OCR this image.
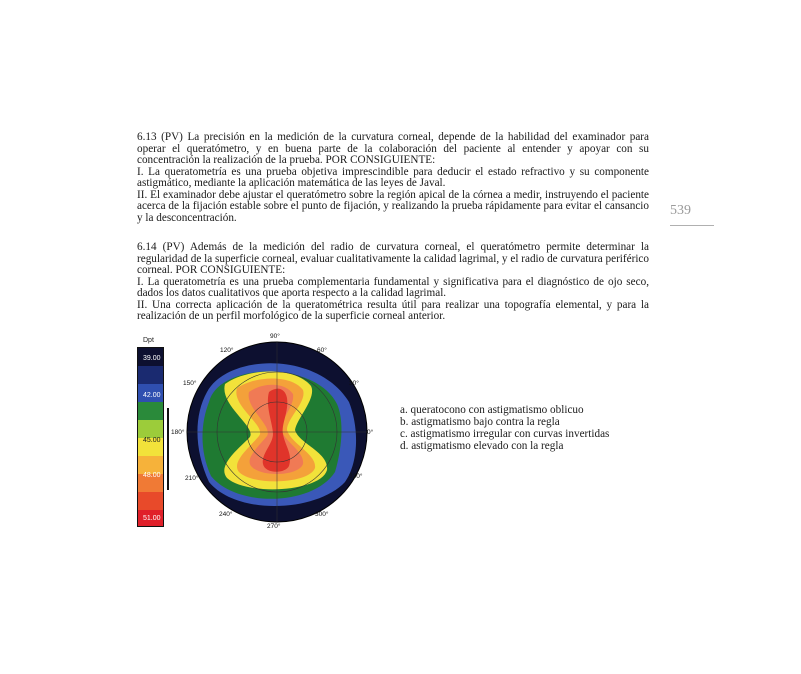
539

6.13 (PV) La precisión en la medición de la curvatura corneal, depende de la habilidad del examinador para operar el queratómetro, y en buena parte de la colaboración del paciente al entender y apoyar con su concentración la realización de la prueba. POR CONSIGUIENTE:

I. La queratometría es una prueba objetiva imprescindible para deducir el estado refractivo y su componente astigmático, mediante la aplicación matemática de las leyes de Javal.

II. El examinador debe ajustar el queratómetro sobre la región apical de la córnea a medir, instruyendo el paciente acerca de la fijación estable sobre el punto de fijación, y realizando la prueba rápidamente para evitar el cansancio y la desconcentración.

6.14 (PV) Además de la medición del radio de curvatura corneal, el queratómetro permite determinar la regularidad de la superficie corneal, evaluar cualitativamente la calidad lagrimal, y el radio de curvatura periférico corneal. POR CONSIGUIENTE:

I. La queratometría es una prueba complementaria fundamental y significativa para el diagnóstico de ojo seco, dados los datos cualitativos que aporta respecto a la calidad lagrimal.

II. Una correcta aplicación de la queratométrica resulta útil para realizar una topografía elemental, y para la realización de un perfil morfológico de la superficie corneal anterior.

Dpt
39.00
42.00
45.00
48.00
51.00
90°
120°	60°
150°	30°
180°	0°
210°	330°
240°	300°
270°
a. queratocono con astigmatismo oblicuo
b. astigmatismo bajo contra la regla
c. astigmatismo irregular con curvas invertidas
d. astigmatismo elevado con la regla
